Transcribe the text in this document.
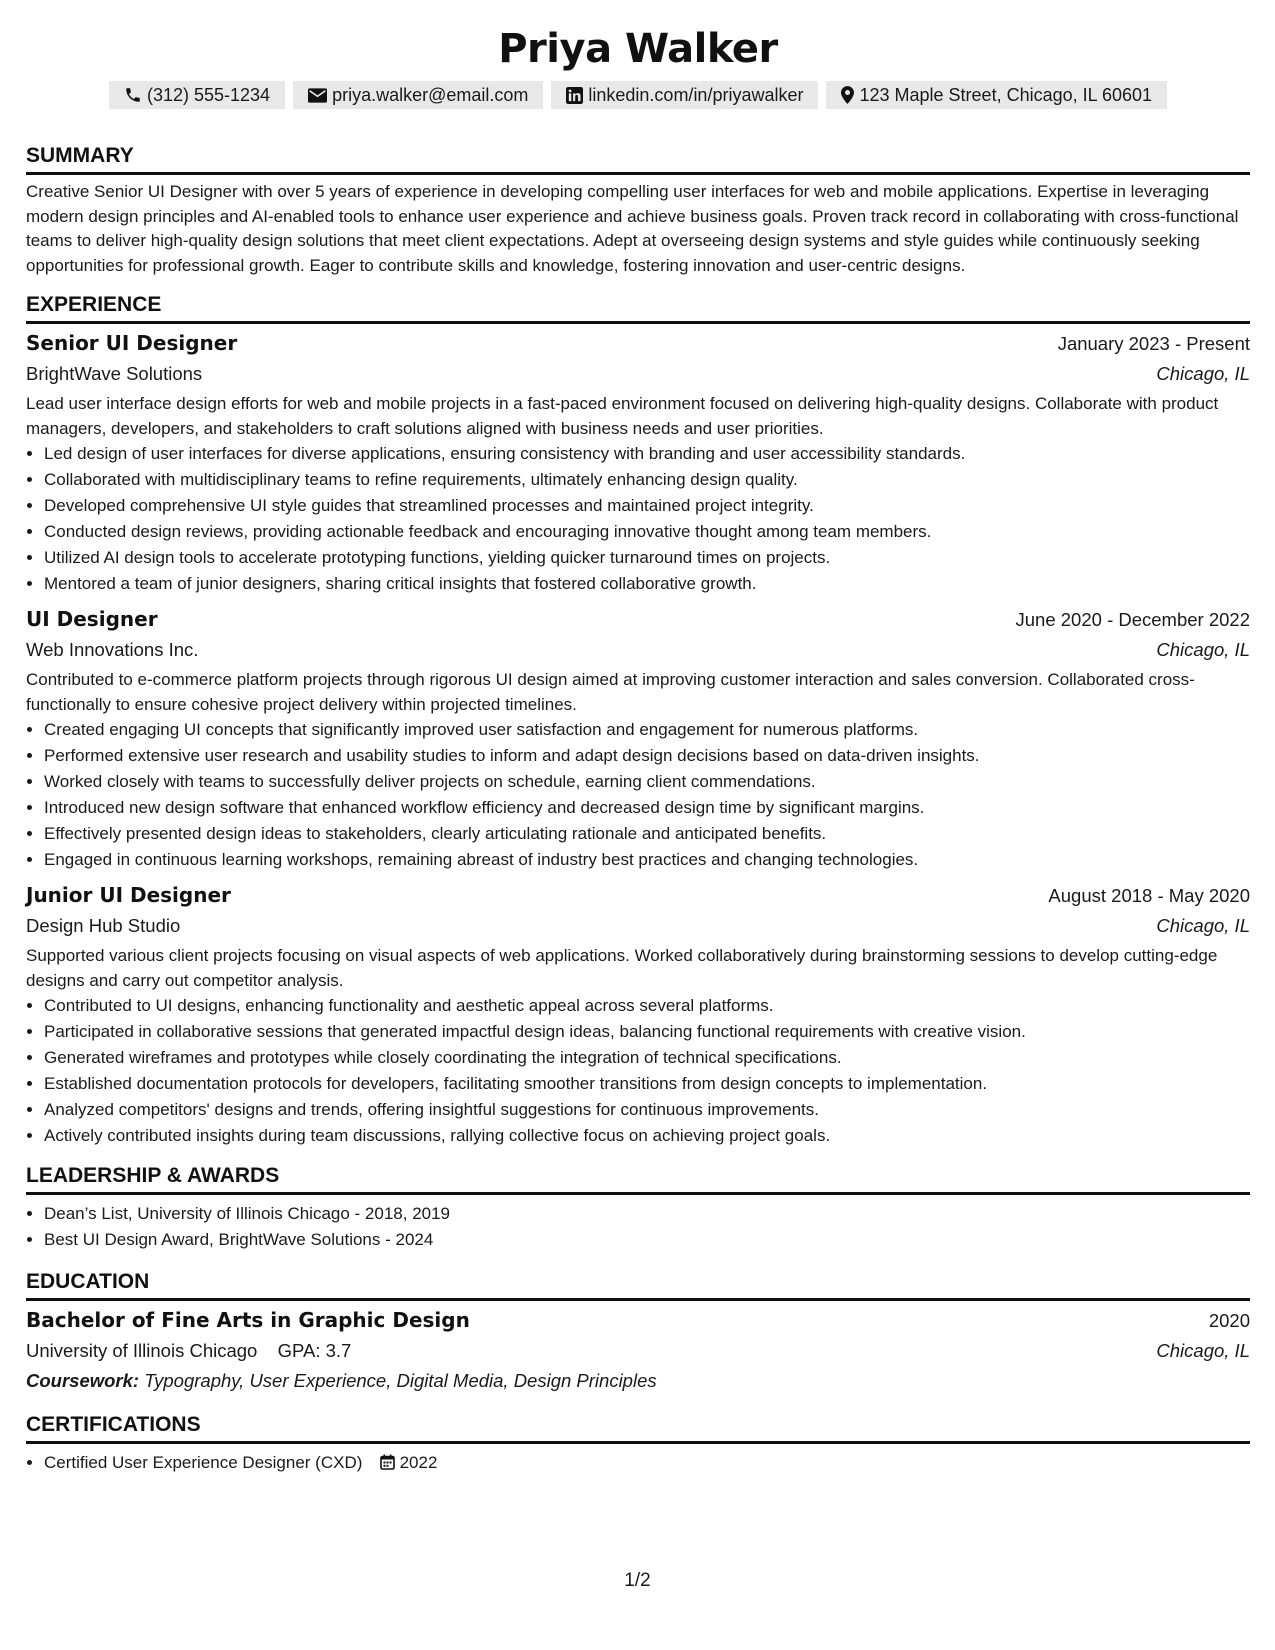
Priya Walker
(312) 555-1234	priya.walker@email.com	linkedin.com/in/priyawalker	123 Maple Street, Chicago, IL 60601
SUMMARY

Creative Senior UI Designer with over 5 years of experience in developing compelling user interfaces for web and mobile applications. Expertise in leveraging modern design principles and AI-enabled tools to enhance user experience and achieve business goals. Proven track record in collaborating with cross-functional teams to deliver high-quality design solutions that meet client expectations. Adept at overseeing design systems and style guides while continuously seeking opportunities for professional growth. Eager to contribute skills and knowledge, fostering innovation and user-centric designs.

EXPERIENCE
Senior UI Designer	January 2023 - Present
BrightWave Solutions	Chicago, IL

Lead user interface design efforts for web and mobile projects in a fast-paced environment focused on delivering high-quality designs. Collaborate with product managers, developers, and stakeholders to craft solutions aligned with business needs and user priorities.

• Led design of user interfaces for diverse applications, ensuring consistency with branding and user accessibility standards.
• Collaborated with multidisciplinary teams to refine requirements, ultimately enhancing design quality.
• Developed comprehensive UI style guides that streamlined processes and maintained project integrity.
• Conducted design reviews, providing actionable feedback and encouraging innovative thought among team members.
• Utilized AI design tools to accelerate prototyping functions, yielding quicker turnaround times on projects.
• Mentored a team of junior designers, sharing critical insights that fostered collaborative growth.
UI Designer	June 2020 - December 2022
Web Innovations Inc.	Chicago, IL

Contributed to e-commerce platform projects through rigorous UI design aimed at improving customer interaction and sales conversion. Collaborated cross-functionally to ensure cohesive project delivery within projected timelines.

• Created engaging UI concepts that significantly improved user satisfaction and engagement for numerous platforms.
• Performed extensive user research and usability studies to inform and adapt design decisions based on data-driven insights.
• Worked closely with teams to successfully deliver projects on schedule, earning client commendations.
• Introduced new design software that enhanced workflow efficiency and decreased design time by significant margins.
• Effectively presented design ideas to stakeholders, clearly articulating rationale and anticipated benefits.
• Engaged in continuous learning workshops, remaining abreast of industry best practices and changing technologies.
Junior UI Designer	August 2018 - May 2020
Design Hub Studio	Chicago, IL

Supported various client projects focusing on visual aspects of web applications. Worked collaboratively during brainstorming sessions to develop cutting-edge designs and carry out competitor analysis.

• Contributed to UI designs, enhancing functionality and aesthetic appeal across several platforms.
• Participated in collaborative sessions that generated impactful design ideas, balancing functional requirements with creative vision.
• Generated wireframes and prototypes while closely coordinating the integration of technical specifications.
• Established documentation protocols for developers, facilitating smoother transitions from design concepts to implementation.
• Analyzed competitors' designs and trends, offering insightful suggestions for continuous improvements.
• Actively contributed insights during team discussions, rallying collective focus on achieving project goals.
LEADERSHIP & AWARDS
• Dean’s List, University of Illinois Chicago - 2018, 2019
• Best UI Design Award, BrightWave Solutions - 2024
EDUCATION
Bachelor of Fine Arts in Graphic Design	2020
University of Illinois Chicago GPA: 3.7	Chicago, IL
Coursework: Typography, User Experience, Digital Media, Design Principles
CERTIFICATIONS
• Certified User Experience Designer (CXD) 2022
1/2
